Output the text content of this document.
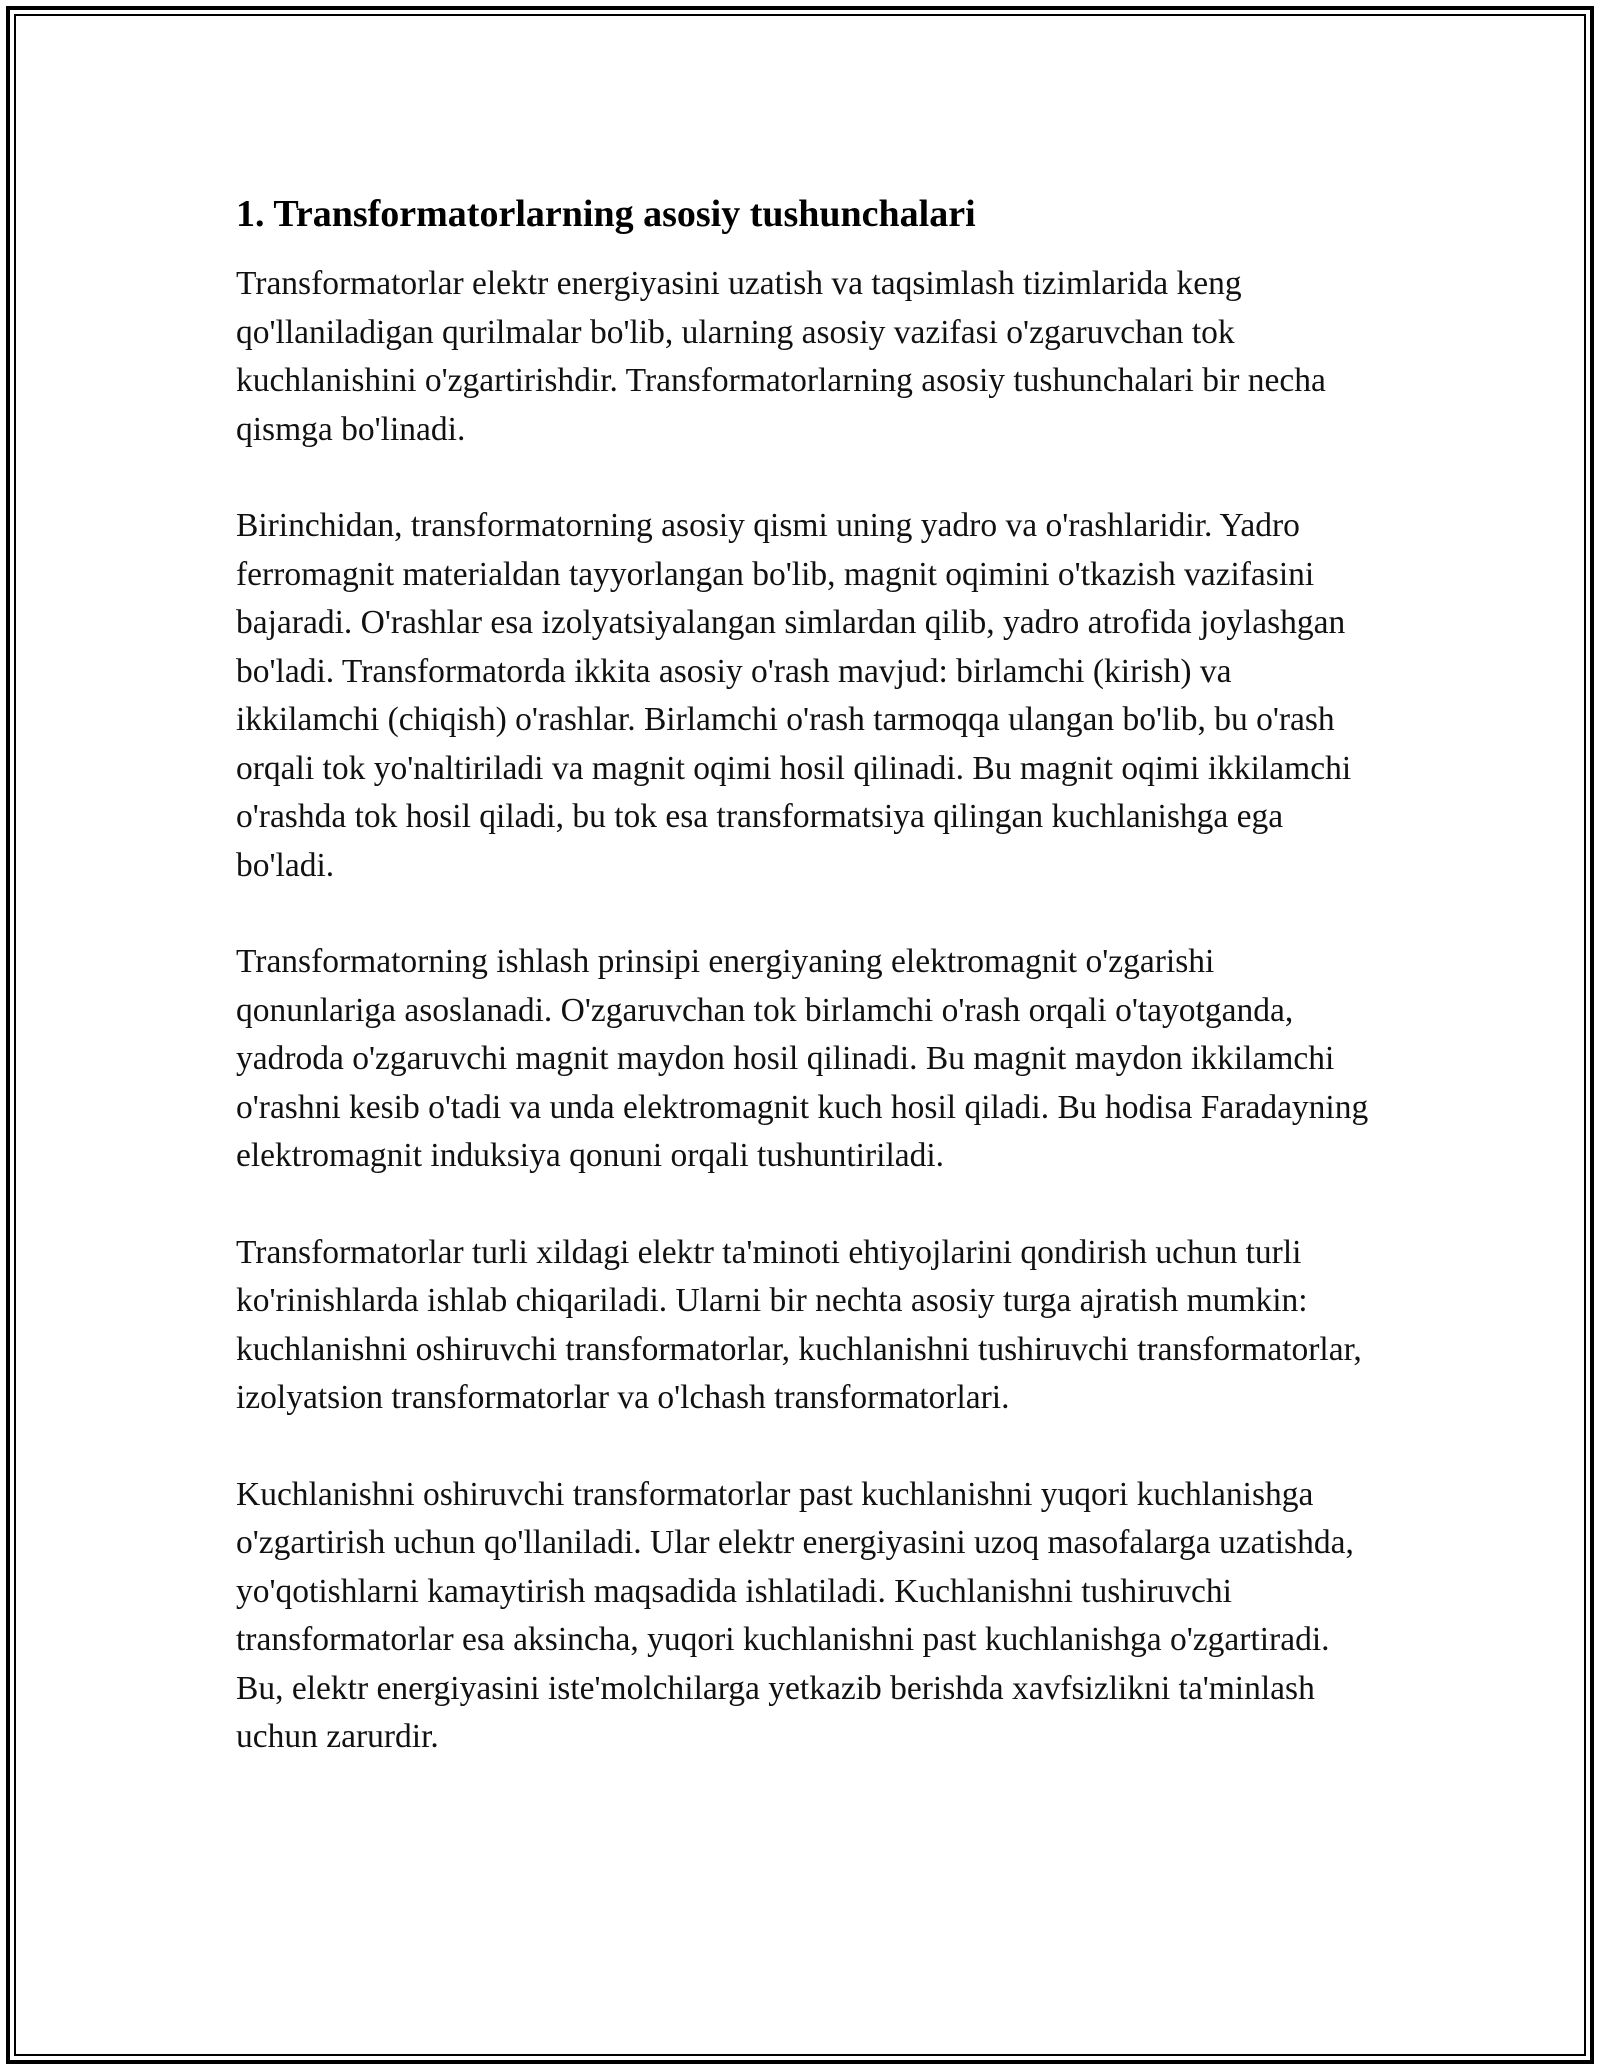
1. Transformatorlarning asosiy tushunchalari

Transformatorlar elektr energiyasini uzatish va taqsimlash tizimlarida keng qo'llaniladigan qurilmalar bo'lib, ularning asosiy vazifasi o'zgaruvchan tok kuchlanishini o'zgartirishdir. Transformatorlarning asosiy tushunchalari bir necha qismga bo'linadi.

Birinchidan, transformatorning asosiy qismi uning yadro va o'rashlaridir. Yadro ferromagnit materialdan tayyorlangan bo'lib, magnit oqimini o'tkazish vazifasini bajaradi. O'rashlar esa izolyatsiyalangan simlardan qilib, yadro atrofida joylashgan bo'ladi. Transformatorda ikkita asosiy o'rash mavjud: birlamchi (kirish) va ikkilamchi (chiqish) o'rashlar. Birlamchi o'rash tarmoqqa ulangan bo'lib, bu o'rash orqali tok yo'naltiriladi va magnit oqimi hosil qilinadi. Bu magnit oqimi ikkilamchi o'rashda tok hosil qiladi, bu tok esa transformatsiya qilingan kuchlanishga ega bo'ladi.

Transformatorning ishlash prinsipi energiyaning elektromagnit o'zgarishi qonunlariga asoslanadi. O'zgaruvchan tok birlamchi o'rash orqali o'tayotganda, yadroda o'zgaruvchi magnit maydon hosil qilinadi. Bu magnit maydon ikkilamchi o'rashni kesib o'tadi va unda elektromagnit kuch hosil qiladi. Bu hodisa Faradayning elektromagnit induksiya qonuni orqali tushuntiriladi.

Transformatorlar turli xildagi elektr ta'minoti ehtiyojlarini qondirish uchun turli ko'rinishlarda ishlab chiqariladi. Ularni bir nechta asosiy turga ajratish mumkin: kuchlanishni oshiruvchi transformatorlar, kuchlanishni tushiruvchi transformatorlar, izolyatsion transformatorlar va o'lchash transformatorlari.

Kuchlanishni oshiruvchi transformatorlar past kuchlanishni yuqori kuchlanishga o'zgartirish uchun qo'llaniladi. Ular elektr energiyasini uzoq masofalarga uzatishda, yo'qotishlarni kamaytirish maqsadida ishlatiladi. Kuchlanishni tushiruvchi transformatorlar esa aksincha, yuqori kuchlanishni past kuchlanishga o'zgartiradi. Bu, elektr energiyasini iste'molchilarga yetkazib berishda xavfsizlikni ta'minlash uchun zarurdir.
